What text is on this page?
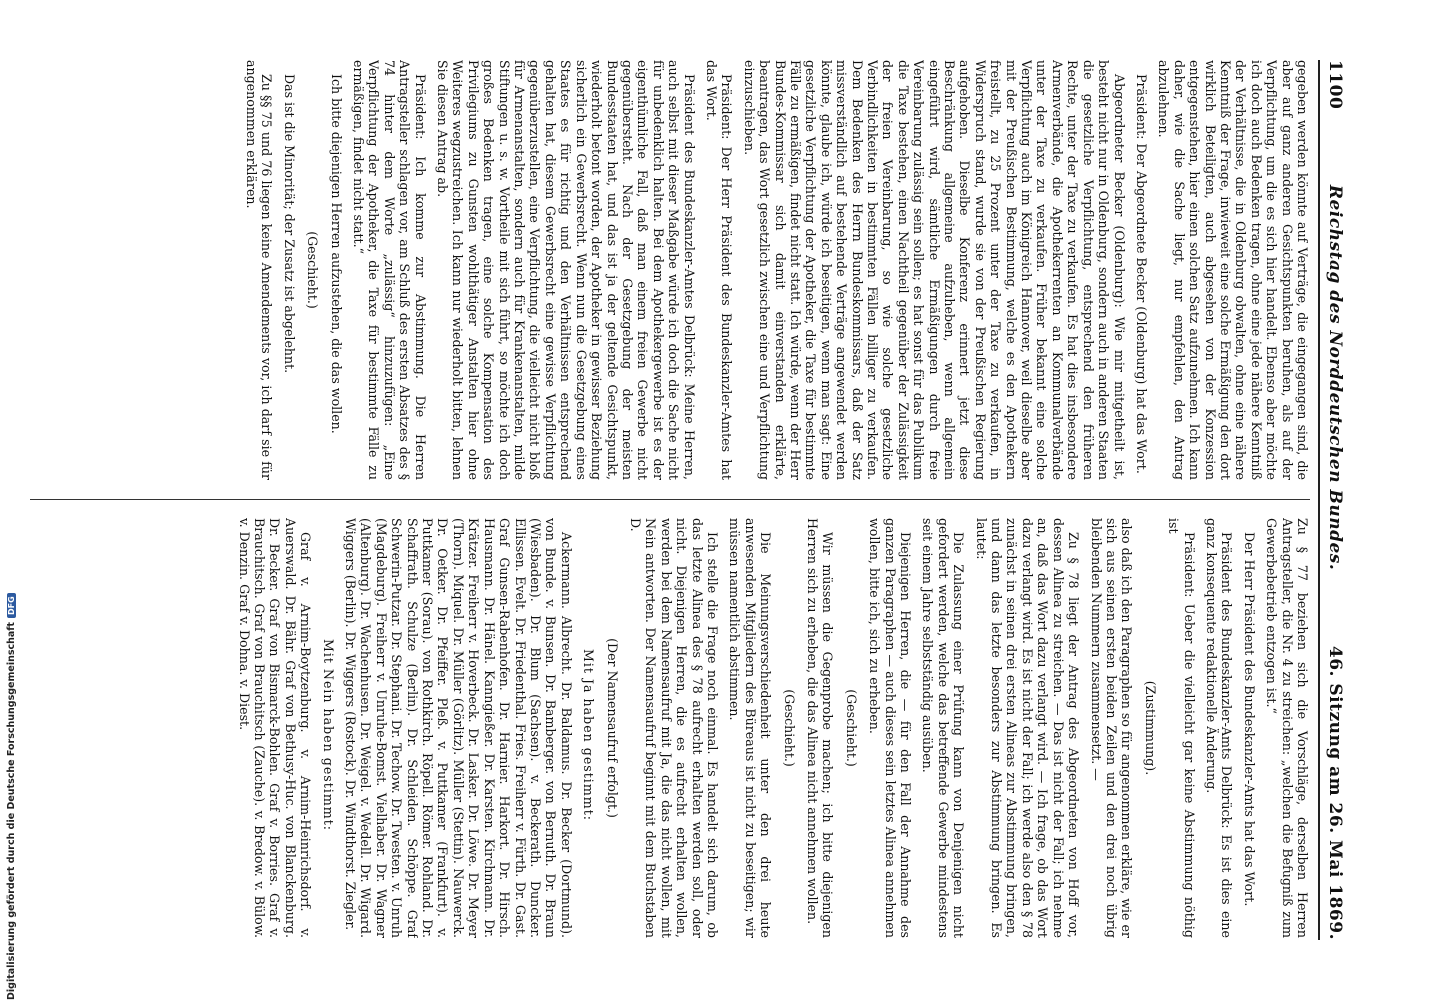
1100
Reichstag des Norddeutschen Bundes.
46. Sitzung am 26. Mai 1869.

gegeben werden könnte auf Verträge, die eingegangen sind, die aber auf ganz anderen Gesichtspunkten beruhen, als auf der Verpflichtung, um die es sich hier handelt. Ebenso aber möchte ich doch auch Bedenken tragen, ohne eine jede nähere Kenntniß der Verhältnisse, die in Oldenburg obwalten, ohne eine nähere Kenntniß der Frage, inwieweit eine solche Ermäßigung den dort wirklich Beteiligten, auch abgesehen von der Konzession entgegenstehen, hier einen solchen Satz aufzunehmen. Ich kann daher, wie die Sache liegt, nur empfehlen, den Antrag abzulehnen.

Präsident: Der Abgeordnete Becker (Oldenburg) hat das Wort.

Abgeordneter Becker (Oldenburg): Wie mir mitgetheilt ist, besteht nicht nur in Oldenburg, sondern auch in anderen Staaten die gesetzliche Verpflichtung, entsprechend den früheren Rechte, unter der Taxe zu verkaufen. Es hat dies insbesondere Armenverbände, die Apothekerrenten an Kommunalverbände unter der Taxe zu verkaufen. Früher bekannt eine solche Verpflichtung auch im Königreich Hannover, weil dieselbe aber mit der Preußischen Bestimmung, welche es den Apothekern freistellt, zu 25 Prozent unter der Taxe zu verkaufen, in Widerspruch stand, wurde sie von der Preußischen Regierung aufgehoben. Dieselbe Konferenz erinnert jetzt diese Beschränkung allgemeine aufzuheben, wenn allgemein eingeführt wird, sämtliche Ermäßigungen durch freie Vereinbarung zulässig sein sollen; es hat sonst für das Publikum die Taxe bestehen, einen Nachtheil gegenüber der Zulässigkeit der freien Vereinbarung, so wie solche gesetzliche Verbindlichkeiten in bestimmten Fällen billiger zu verkaufen. Dem Bedenken des Herrn Bundeskommissars, daß der Satz missverständlich auf bestehende Verträge angewendet werden könnte, glaube ich, würde ich beseitigen, wenn man sagt: Eine gesetzliche Verpflichtung der Apotheker, die Taxe für bestimmte Fälle zu ermäßigen, findet nicht statt. Ich würde, wenn der Herr Bundes-Kommissar sich damit einverstanden erklärte, beantragen, das Wort gesetzlich zwischen eine und Verpflichtung einzuschieben.

Präsident: Der Herr Präsident des Bundeskanzler-Amtes hat das Wort.

Präsident des Bundeskanzler-Amtes Delbrück: Meine Herren, auch selbst mit dieser Maßgabe würde ich doch die Sache nicht für unbedenklich halten. Bei dem Apothekergewerbe ist es der eigenthümliche Fall, daß man einem freien Gewerbe nicht gegenübersteht. Nach der Gesetzgebung der meisten Bundesstaaten hat, und das ist ja der geltende Gesichtspunkt, wiederholt betont worden, der Apotheker in gewisser Beziehung sicherlich ein Gewerbsrecht. Wenn nun die Gesetzgebung eines Staates es für richtig und den Verhältnissen entsprechend gehalten hat, diesem Gewerbsrecht eine gewisse Verpflichtung gegenüberzustellen, eine Verpflichtung, die vielleicht nicht bloß für Armenanstalten, sondern auch für Krankenanstalten, milde Stiftungen u. s. w. Vortheile mit sich führt, so möchte ich doch großes Bedenken tragen, eine solche Kompensation des Privilegiums zu Gunsten wohlthätiger Anstalten hier ohne Weiteres wegzustreichen. Ich kann nur wiederholt bitten, lehnen Sie diesen Antrag ab.

Präsident: Ich komme zur Abstimmung. Die Herren Antragsteller schlagen vor, am Schluß des ersten Absatzes des § 74 hinter dem Worte „zulässig“ hinzuzufügen: „Eine Verpflichtung der Apotheker, die Taxe für bestimmte Fälle zu ermäßigen, findet nicht statt.“

Ich bitte diejenigen Herren aufzustehen, die das wollen.

(Geschieht.)

Das ist die Minorität; der Zusatz ist abgelehnt.

Zu §§ 75 und 76 liegen keine Amendements vor, ich darf sie für angenommen erklären.

Zu § 77 beziehen sich die Vorschläge, derselben Herren Antragsteller, die Nr. 4 zu streichen: „welchen die Befugniß zum Gewerbebetrieb entzogen ist.“

Der Herr Präsident des Bundeskanzler-Amts hat das Wort.

Präsident des Bundeskanzler-Amts Delbrück: Es ist dies eine ganz konsequente redaktionelle Änderung.

Präsident: Ueber die vielleicht gar keine Abstimmung nöthig ist

(Zustimmung).

also daß ich den Paragraphen so für angenommen erkläre, wie er sich aus seinen ersten beiden Zeilen und den drei noch übrig bleibenden Nummern zusammensetzt. —

Zu § 78 liegt der Antrag des Abgeordneten von Hoff vor, dessen Alinea zu streichen. — Das ist nicht der Fall; ich nehme an, daß das Wort dazu verlangt wird. — Ich frage, ob das Wort dazu verlangt wird. Es ist nicht der Fall; ich werde also den § 78 zunächst in seinen drei ersten Alineas zur Abstimmung bringen, und dann das letzte besonders zur Abstimmung bringen. Es lautet:

Die Zulassung einer Prüfung kann von Denjenigen nicht gefordert werden, welche das betreffende Gewerbe mindestens seit einem Jahre selbstständig ausüben.

Diejenigen Herren, die — für den Fall der Annahme des ganzen Paragraphen — auch dieses sein letztes Alinea annehmen wollen, bitte ich, sich zu erheben.

(Geschieht.)

Wir müssen die Gegenprobe machen; ich bitte diejenigen Herren sich zu erheben, die das Alinea nicht annehmen wollen.

(Geschieht.)

Die Meinungsverschiedenheit unter den drei heute anwesenden Mitgliedern des Büreaus ist nicht zu beseitigen; wir müssen namentlich abstimmen.

Ich stelle die Frage noch einmal. Es handelt sich darum, ob das letzte Alinea des § 78 aufrecht erhalten werden soll, oder nicht. Diejenigen Herren, die es aufrecht erhalten wollen, werden bei dem Namensaufruf mit Ja, die das nicht wollen, mit Nein antworten. Der Namensaufruf beginnt mit dem Buchstaben D.

(Der Namensaufruf erfolgt.)

Mit Ja haben gestimmt:

Ackermann. Albrecht. Dr. Baldamus. Dr. Becker (Dortmund). von Bunde. v. Bunsen. Dr. Bamberger. von Bernuth. Dr. Braun (Wiesbaden). Dr. Blum (Sachsen). v. Beckerath. Duncker. Ellissen. Evelt. Dr. Friedenthal. Fries. Freiherr v. Fürth. Dr. Gast. Graf Gunsen-Rabenhofen. Dr. Harnier. Harkort. Dr. Hirsch. Hausmann. Dr. Hänel. Kanngießer. Dr. Karsten. Kirchmann. Dr. Krätzer. Freiherr v. Hoverbeck. Dr. Lasker. Dr. Löwe. Dr. Meyer (Thorn). Miquel. Dr. Müller (Görlitz). Müller (Stettin). Nauwerck. Dr. Oetker. Dr. Pfeiffer. Pleß. v. Puttkamer (Frankfurt). v. Puttkamer (Sorau). von Rothkirch. Röpell. Römer. Rohland. Dr. Schaffrath. Schulze (Berlin). Dr. Schleiden. Schöppe. Graf Schwerin-Putzar. Dr. Stephani. Dr. Techow. Dr. Twesten. v. Unruh (Magdeburg). Freiherr v. Unruhe-Bomst. Vielhaber. Dr. Wagner (Altenburg). Dr. Wachenhusen. Dr. Weigel. v. Wedell. Dr. Wigard. Wiggers (Berlin). Dr. Wiggers (Rostock). Dr. Windthorst. Ziegler.

Mit Nein haben gestimmt:

Graf v. Arnim-Boytzenburg. v. Arnim-Heinrichsdorf. v. Auerswald. Dr. Bähr. Graf von Bethusy-Huc. von Blanckenburg. Dr. Becker. Graf von Bismarck-Bohlen. Graf v. Borries. Graf v. Brauchitsch. Graf von Brauchitsch (Zauche). v. Bredow. v. Bülow. v. Denzin. Graf v. Dohna. v. Diest.

Digitalisierung gefördert durch die Deutsche Forschungsgemeinschaft
DFG
